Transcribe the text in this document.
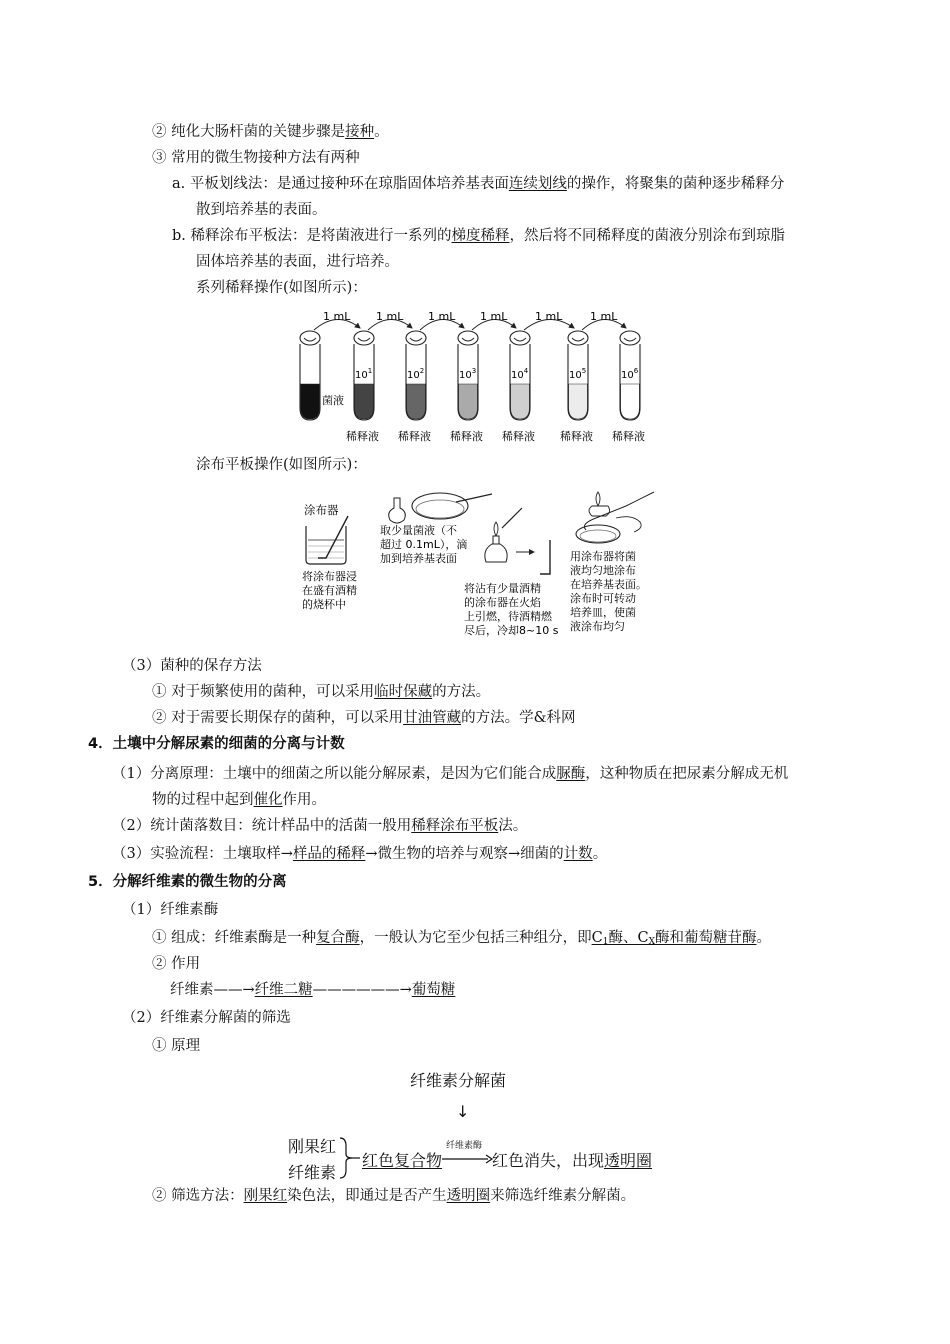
② 纯化大肠杆菌的关键步骤是接种。
③ 常用的微生物接种方法有两种
a. 平板划线法：是通过接种环在琼脂固体培养基表面连续划线的操作，将聚集的菌种逐步稀释分
散到培养基的表面。
b. 稀释涂布平板法：是将菌液进行一系列的梯度稀释，然后将不同稀释度的菌液分别涂布到琼脂
固体培养基的表面，进行培养。
系列稀释操作(如图所示)：
1 mL
$10^1$
稀释液
1 mL
$10^2$
稀释液
1 mL
$10^3$
稀释液
1 mL
$10^4$
稀释液
1 mL
$10^5$
稀释液
1 mL
$10^6$
稀释液
菌液
涂布平板操作(如图所示)：
涂布器
将涂布器浸
在盛有酒精
的烧杯中
取少量菌液（不
超过 0.1mL），滴
加到培养基表面
将沾有少量酒精
的涂布器在火焰
上引燃，待酒精燃
尽后，冷却8~10 s
用涂布器将菌
液均匀地涂布
在培养基表面。
涂布时可转动
培养皿，使菌
液涂布均匀
（3）菌种的保存方法
① 对于频繁使用的菌种，可以采用临时保藏的方法。
② 对于需要长期保存的菌种，可以采用甘油管藏的方法。学&科网
4．土壤中分解尿素的细菌的分离与计数
（1）分离原理：土壤中的细菌之所以能分解尿素，是因为它们能合成脲酶，这种物质在把尿素分解成无机
物的过程中起到催化作用。
（2）统计菌落数目：统计样品中的活菌一般用稀释涂布平板法。
（3）实验流程：土壤取样→样品的稀释→微生物的培养与观察→细菌的计数。
5．分解纤维素的微生物的分离
（1）纤维素酶
① 组成：纤维素酶是一种复合酶，一般认为它至少包括三种组分，即$C_1$酶、$C_X$酶和葡萄糖苷酶。
② 作用
纤维素——→纤维二糖——————→葡萄糖
（2）纤维素分解菌的筛选
① 原理
纤维素分解菌
↓
刚果红
纤维素
红色复合物
纤维素酶
红色消失，出现透明圈
② 筛选方法：刚果红染色法，即通过是否产生透明圈来筛选纤维素分解菌。
